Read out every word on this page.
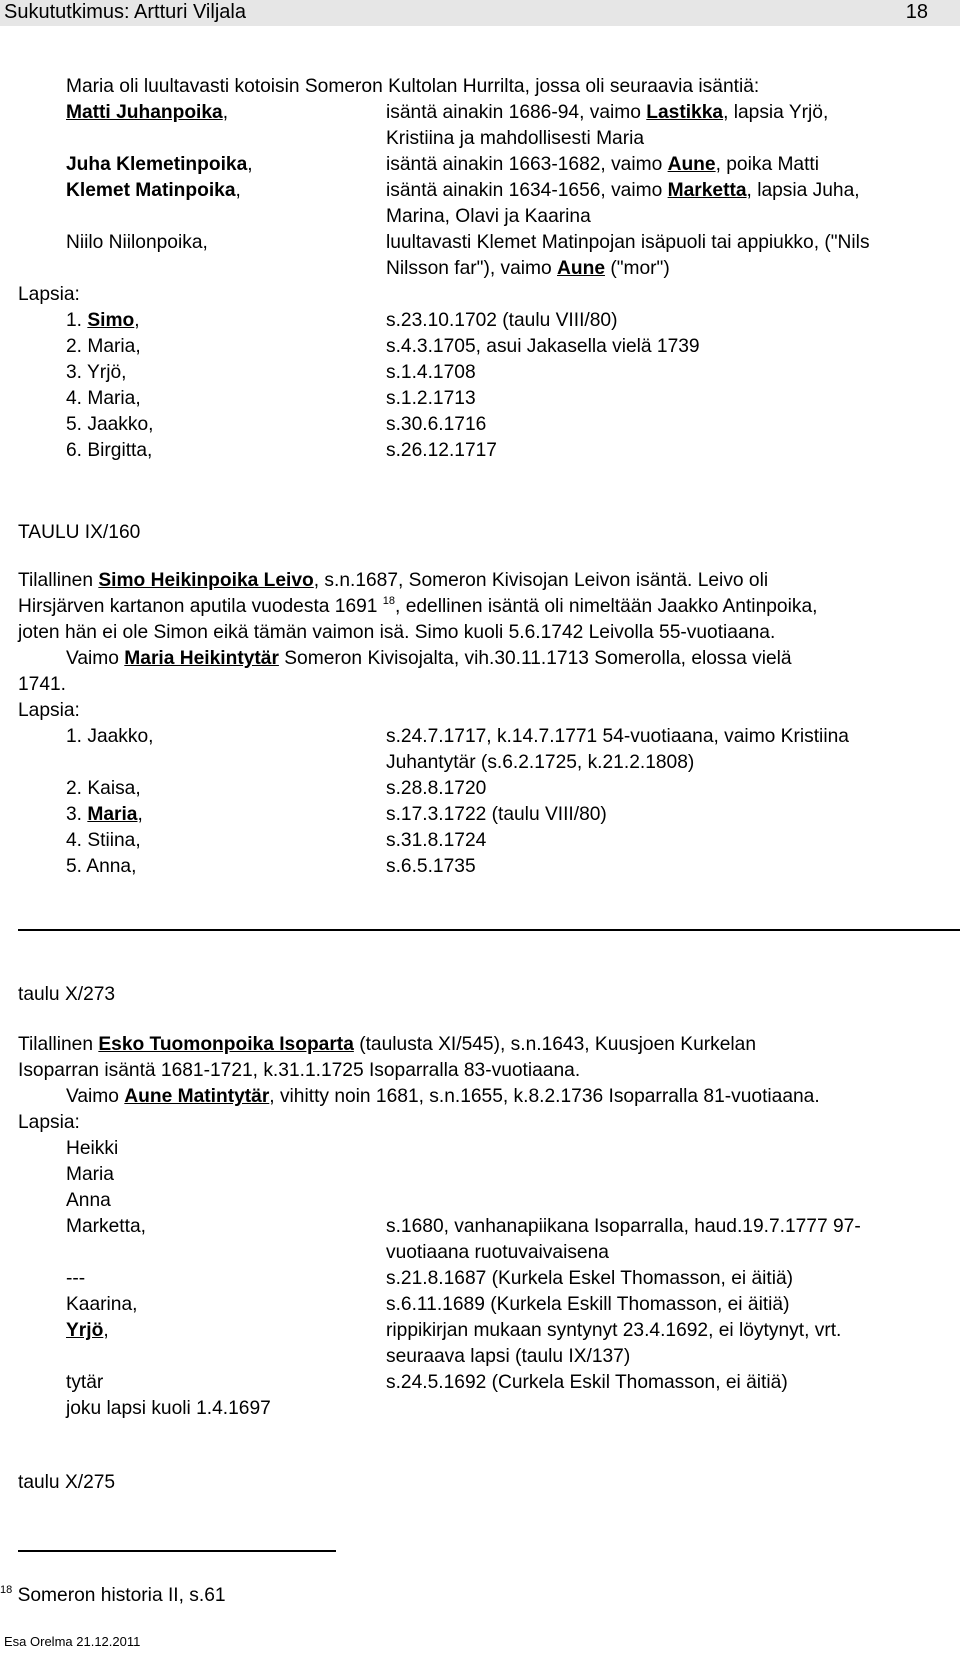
Sukututkimus: Artturi Viljala	18
Maria oli luultavasti kotoisin Someron Kultolan Hurrilta, jossa oli seuraavia isäntiä:
Matti Juhanpoika,	isäntä ainakin 1686-94, vaimo Lastikka, lapsia Yrjö,
Kristiina ja mahdollisesti Maria
Juha Klemetinpoika,	isäntä ainakin 1663-1682, vaimo Aune, poika Matti
Klemet Matinpoika,	isäntä ainakin 1634-1656, vaimo Marketta, lapsia Juha,
Marina, Olavi ja Kaarina
Niilo Niilonpoika,	luultavasti Klemet Matinpojan isäpuoli tai appiukko, ("Nils
Nilsson far"), vaimo Aune ("mor")
Lapsia:
1. Simo,	s.23.10.1702 (taulu VIII/80)
2. Maria,	s.4.3.1705, asui Jakasella vielä 1739
3. Yrjö,	s.1.4.1708
4. Maria,	s.1.2.1713
5. Jaakko,	s.30.6.1716
6. Birgitta,	s.26.12.1717
TAULU IX/160
Tilallinen Simo Heikinpoika Leivo, s.n.1687, Someron Kivisojan Leivon isäntä. Leivo oli
Hirsjärven kartanon aputila vuodesta 1691 $^{18}$, edellinen isäntä oli nimeltään Jaakko Antinpoika,
joten hän ei ole Simon eikä tämän vaimon isä. Simo kuoli 5.6.1742 Leivolla 55-vuotiaana.
Vaimo Maria Heikintytär Someron Kivisojalta, vih.30.11.1713 Somerolla, elossa vielä
1741.
Lapsia:
1. Jaakko,	s.24.7.1717, k.14.7.1771 54-vuotiaana, vaimo Kristiina
Juhantytär (s.6.2.1725, k.21.2.1808)
2. Kaisa,	s.28.8.1720
3. Maria,	s.17.3.1722 (taulu VIII/80)
4. Stiina,	s.31.8.1724
5. Anna,	s.6.5.1735
taulu X/273
Tilallinen Esko Tuomonpoika Isoparta (taulusta XI/545), s.n.1643, Kuusjoen Kurkelan
Isoparran isäntä 1681-1721, k.31.1.1725 Isoparralla 83-vuotiaana.
Vaimo Aune Matintytär, vihitty noin 1681, s.n.1655, k.8.2.1736 Isoparralla 81-vuotiaana.
Lapsia:
Heikki
Maria
Anna
Marketta,	s.1680, vanhanapiikana Isoparralla, haud.19.7.1777 97-
vuotiaana ruotuvaivaisena
---	s.21.8.1687 (Kurkela Eskel Thomasson, ei äitiä)
Kaarina,	s.6.11.1689 (Kurkela Eskill Thomasson, ei äitiä)
Yrjö,	rippikirjan mukaan syntynyt 23.4.1692, ei löytynyt, vrt.
seuraava lapsi (taulu IX/137)
tytär	s.24.5.1692 (Curkela Eskil Thomasson, ei äitiä)
joku lapsi kuoli 1.4.1697
taulu X/275
$^{18}$ Someron historia II, s.61
Esa Orelma 21.12.2011
